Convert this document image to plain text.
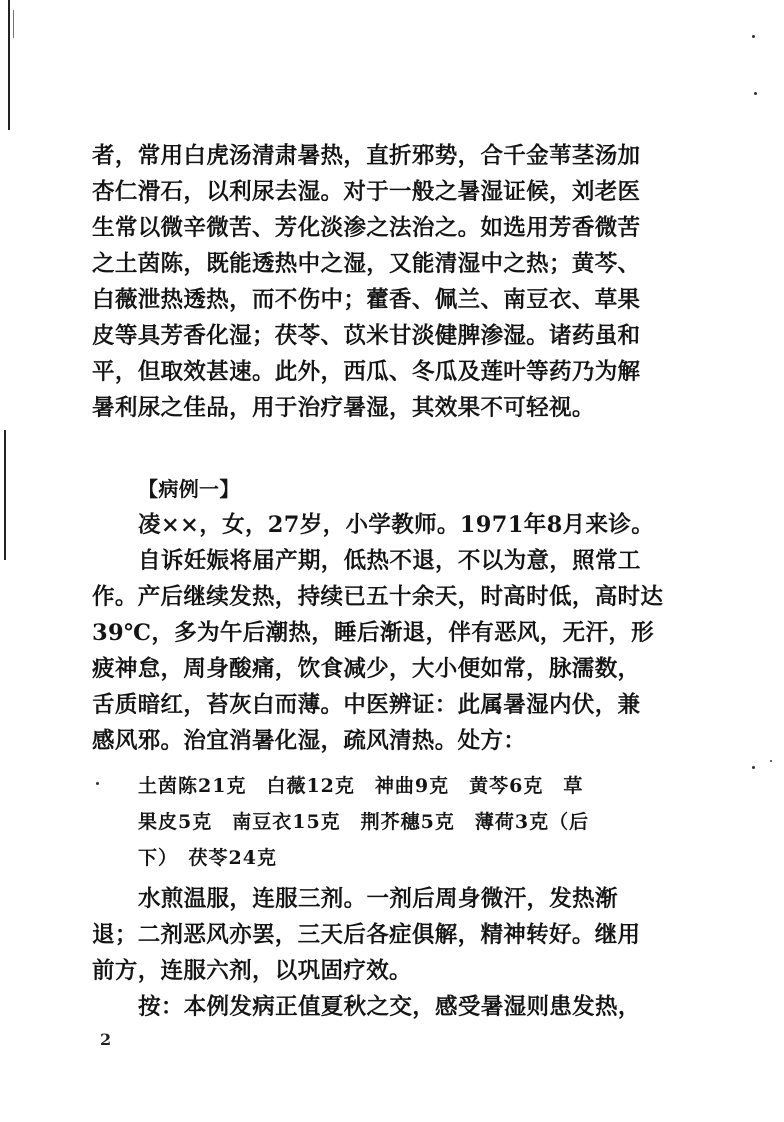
者，常用白虎汤清肃暑热，直折邪势，合千金苇茎汤加
杏仁滑石，以利尿去湿。对于一般之暑湿证候，刘老医
生常以微辛微苦、芳化淡渗之法治之。如选用芳香微苦
之土茵陈，既能透热中之湿，又能清湿中之热；黄芩、
白薇泄热透热，而不伤中；藿香、佩兰、南豆衣、草果
皮等具芳香化湿；茯苓、苡米甘淡健脾渗湿。诸药虽和
平，但取效甚速。此外，西瓜、冬瓜及莲叶等药乃为解
暑利尿之佳品，用于治疗暑湿，其效果不可轻视。
【病例一】
凌××，女，27岁，小学教师。1971年8月来诊。
自诉妊娠将届产期，低热不退，不以为意，照常工
作。产后继续发热，持续已五十余天，时高时低，高时达
39℃，多为午后潮热，睡后渐退，伴有恶风，无汗，形
疲神怠，周身酸痛，饮食减少，大小便如常，脉濡数，
舌质暗红，苔灰白而薄。中医辨证：此属暑湿内伏，兼
感风邪。治宜消暑化湿，疏风清热。处方：
土茵陈21克　白薇12克　神曲9克　黄芩6克　草
果皮5克　南豆衣15克　荆芥穗5克　薄荷3克（后
下）　茯苓24克
水煎温服，连服三剂。一剂后周身微汗，发热渐
退；二剂恶风亦罢，三天后各症俱解，精神转好。继用
前方，连服六剂，以巩固疗效。
按：本例发病正值夏秋之交，感受暑湿则患发热，
2
